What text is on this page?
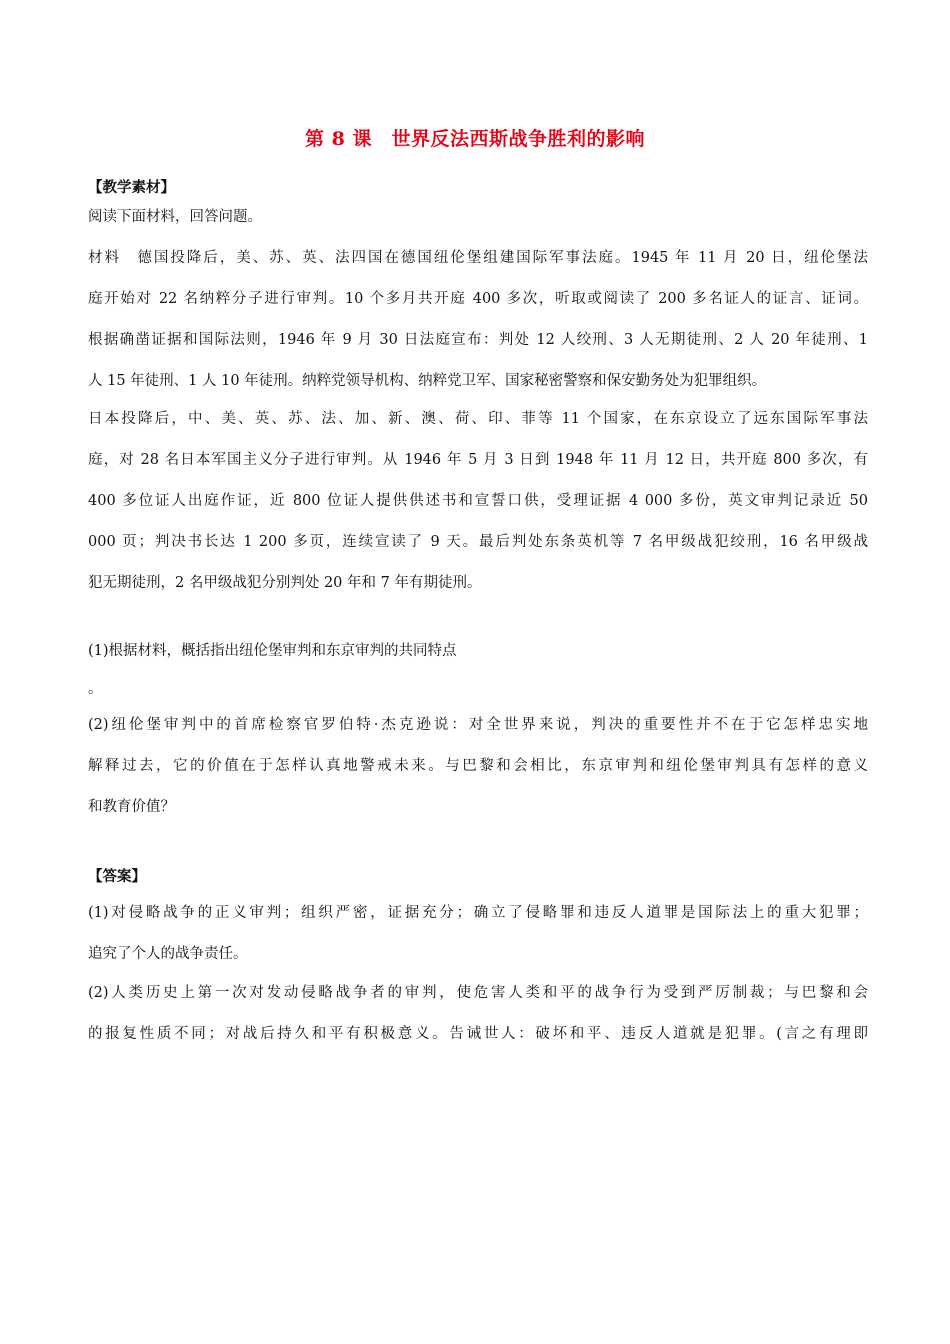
第 8 课　世界反法西斯战争胜利的影响
【教学素材】
阅读下面材料，回答问题。
材料　德国投降后，美、苏、英、法四国在德国纽伦堡组建国际军事法庭。1945 年 11 月 20 日，纽伦堡法
庭开始对 22 名纳粹分子进行审判。10 个多月共开庭 400 多次，听取或阅读了 200 多名证人的证言、证词。
根据确凿证据和国际法则，1946 年 9 月 30 日法庭宣布：判处 12 人绞刑、3 人无期徒刑、2 人 20 年徒刑、1
人 15 年徒刑、1 人 10 年徒刑。纳粹党领导机构、纳粹党卫军、国家秘密警察和保安勤务处为犯罪组织。
日本投降后，中、美、英、苏、法、加、新、澳、荷、印、菲等 11 个国家，在东京设立了远东国际军事法
庭，对 28 名日本军国主义分子进行审判。从 1946 年 5 月 3 日到 1948 年 11 月 12 日，共开庭 800 多次，有
400 多位证人出庭作证，近 800 位证人提供供述书和宣誓口供，受理证据 4 000 多份，英文审判记录近 50
000 页；判决书长达 1 200 多页，连续宣读了 9 天。最后判处东条英机等 7 名甲级战犯绞刑，16 名甲级战
犯无期徒刑，2 名甲级战犯分别判处 20 年和 7 年有期徒刑。
(1)根据材料，概括指出纽伦堡审判和东京审判的共同特点
。
(2)纽伦堡审判中的首席检察官罗伯特·杰克逊说：对全世界来说，判决的重要性并不在于它怎样忠实地
解释过去，它的价值在于怎样认真地警戒未来。与巴黎和会相比，东京审判和纽伦堡审判具有怎样的意义
和教育价值？
【答案】
(1)对侵略战争的正义审判；组织严密，证据充分；确立了侵略罪和违反人道罪是国际法上的重大犯罪；
追究了个人的战争责任。
(2)人类历史上第一次对发动侵略战争者的审判，使危害人类和平的战争行为受到严厉制裁；与巴黎和会
的报复性质不同；对战后持久和平有积极意义。告诫世人：破坏和平、违反人道就是犯罪。(言之有理即
